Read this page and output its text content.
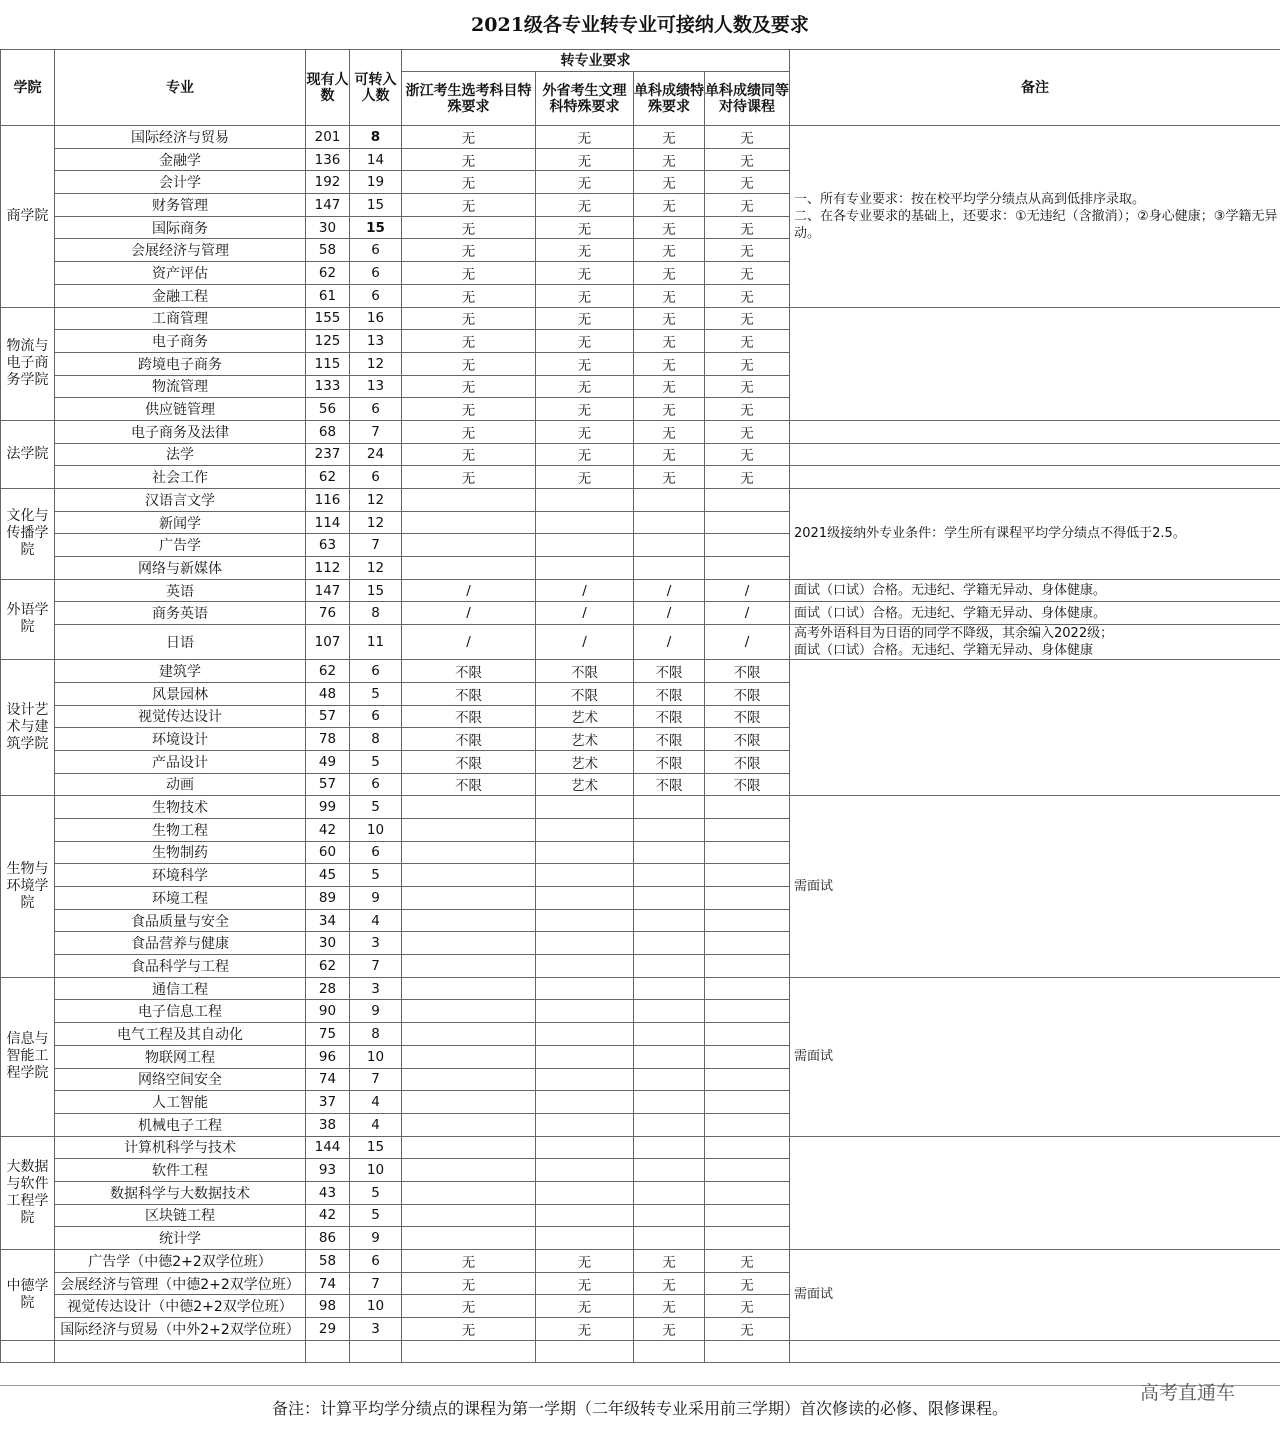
2021级各专业转专业可接纳人数及要求
学院	专业	现有人数	可转入人数	转专业要求				备注
				浙江考生选考科目特殊要求	外省考生文理科特殊要求	单科成绩特殊要求	单科成绩同等对待课程	
商学院	国际经济与贸易	201	8	无	无	无	无	一、所有专业要求：按在校平均学分绩点从高到低排序录取。
二、在各专业要求的基础上，还要求：①无违纪（含撤消）；②身心健康；③学籍无异动。
	金融学	136	14	无	无	无	无	
	会计学	192	19	无	无	无	无	
	财务管理	147	15	无	无	无	无	
	国际商务	30	15	无	无	无	无	
	会展经济与管理	58	6	无	无	无	无	
	资产评估	62	6	无	无	无	无	
	金融工程	61	6	无	无	无	无	
物流与电子商务学院	工商管理	155	16	无	无	无	无	
	电子商务	125	13	无	无	无	无	
	跨境电子商务	115	12	无	无	无	无	
	物流管理	133	13	无	无	无	无	
	供应链管理	56	6	无	无	无	无	
法学院	电子商务及法律	68	7	无	无	无	无	
	法学	237	24	无	无	无	无	
	社会工作	62	6	无	无	无	无	
文化与传播学院	汉语言文学	116	12					2021级接纳外专业条件：学生所有课程平均学分绩点不得低于2.5。
	新闻学	114	12					
	广告学	63	7					
	网络与新媒体	112	12					
外语学院	英语	147	15	/	/	/	/	面试（口试）合格。无违纪、学籍无异动、身体健康。
	商务英语	76	8	/	/	/	/	面试（口试）合格。无违纪、学籍无异动、身体健康。
	日语	107	11	/	/	/	/	高考外语科目为日语的同学不降级，其余编入2022级；
面试（口试）合格。无违纪、学籍无异动、身体健康
设计艺术与建筑学院	建筑学	62	6	不限	不限	不限	不限	
	风景园林	48	5	不限	不限	不限	不限	
	视觉传达设计	57	6	不限	艺术	不限	不限	
	环境设计	78	8	不限	艺术	不限	不限	
	产品设计	49	5	不限	艺术	不限	不限	
	动画	57	6	不限	艺术	不限	不限	
生物与环境学院	生物技术	99	5					需面试
	生物工程	42	10					
	生物制药	60	6					
	环境科学	45	5					
	环境工程	89	9					
	食品质量与安全	34	4					
	食品营养与健康	30	3					
	食品科学与工程	62	7					
信息与智能工程学院	通信工程	28	3					需面试
	电子信息工程	90	9					
	电气工程及其自动化	75	8					
	物联网工程	96	10					
	网络空间安全	74	7					
	人工智能	37	4					
	机械电子工程	38	4					
大数据与软件工程学院	计算机科学与技术	144	15					
	软件工程	93	10					
	数据科学与大数据技术	43	5					
	区块链工程	42	5					
	统计学	86	9					
中德学院	广告学（中德2+2双学位班）	58	6	无	无	无	无	需面试
	会展经济与管理（中德2+2双学位班）	74	7	无	无	无	无	
	视觉传达设计（中德2+2双学位班）	98	10	无	无	无	无	
	国际经济与贸易（中外2+2双学位班）	29	3	无	无	无	无	

备注：计算平均学分绩点的课程为第一学期（二年级转专业采用前三学期）首次修读的必修、限修课程。
高考直通车
